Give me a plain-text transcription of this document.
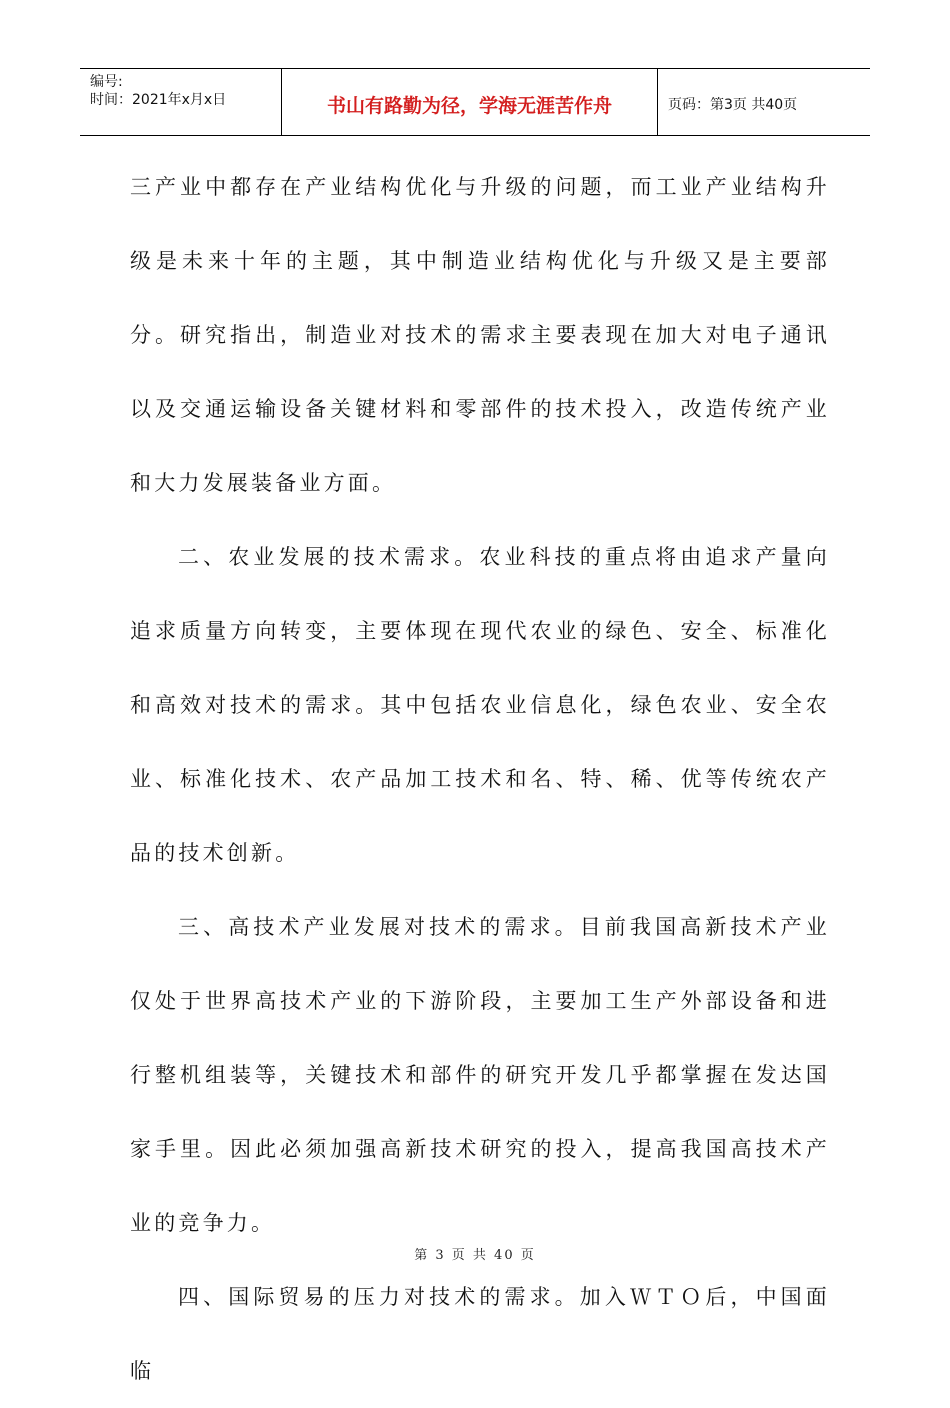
编号:
时间：2021年x月x日	书山有路勤为径，学海无涯苦作舟	页码：第3页 共40页

三产业中都存在产业结构优化与升级的问题，而工业产业结构升级是未来十年的主题，其中制造业结构优化与升级又是主要部分。研究指出，制造业对技术的需求主要表现在加大对电子通讯以及交通运输设备关键材料和零部件的技术投入，改造传统产业和大力发展装备业方面。

二、农业发展的技术需求。农业科技的重点将由追求产量向追求质量方向转变，主要体现在现代农业的绿色、安全、标准化和高效对技术的需求。其中包括农业信息化，绿色农业、安全农业、标准化技术、农产品加工技术和名、特、稀、优等传统农产品的技术创新。

三、高技术产业发展对技术的需求。目前我国高新技术产业仅处于世界高技术产业的下游阶段，主要加工生产外部设备和进行整机组装等，关键技术和部件的研究开发几乎都掌握在发达国家手里。因此必须加强高新技术研究的投入，提高我国高技术产业的竞争力。

四、国际贸易的压力对技术的需求。加入ＷＴＯ后，中国面临

第 3 页 共 40 页
